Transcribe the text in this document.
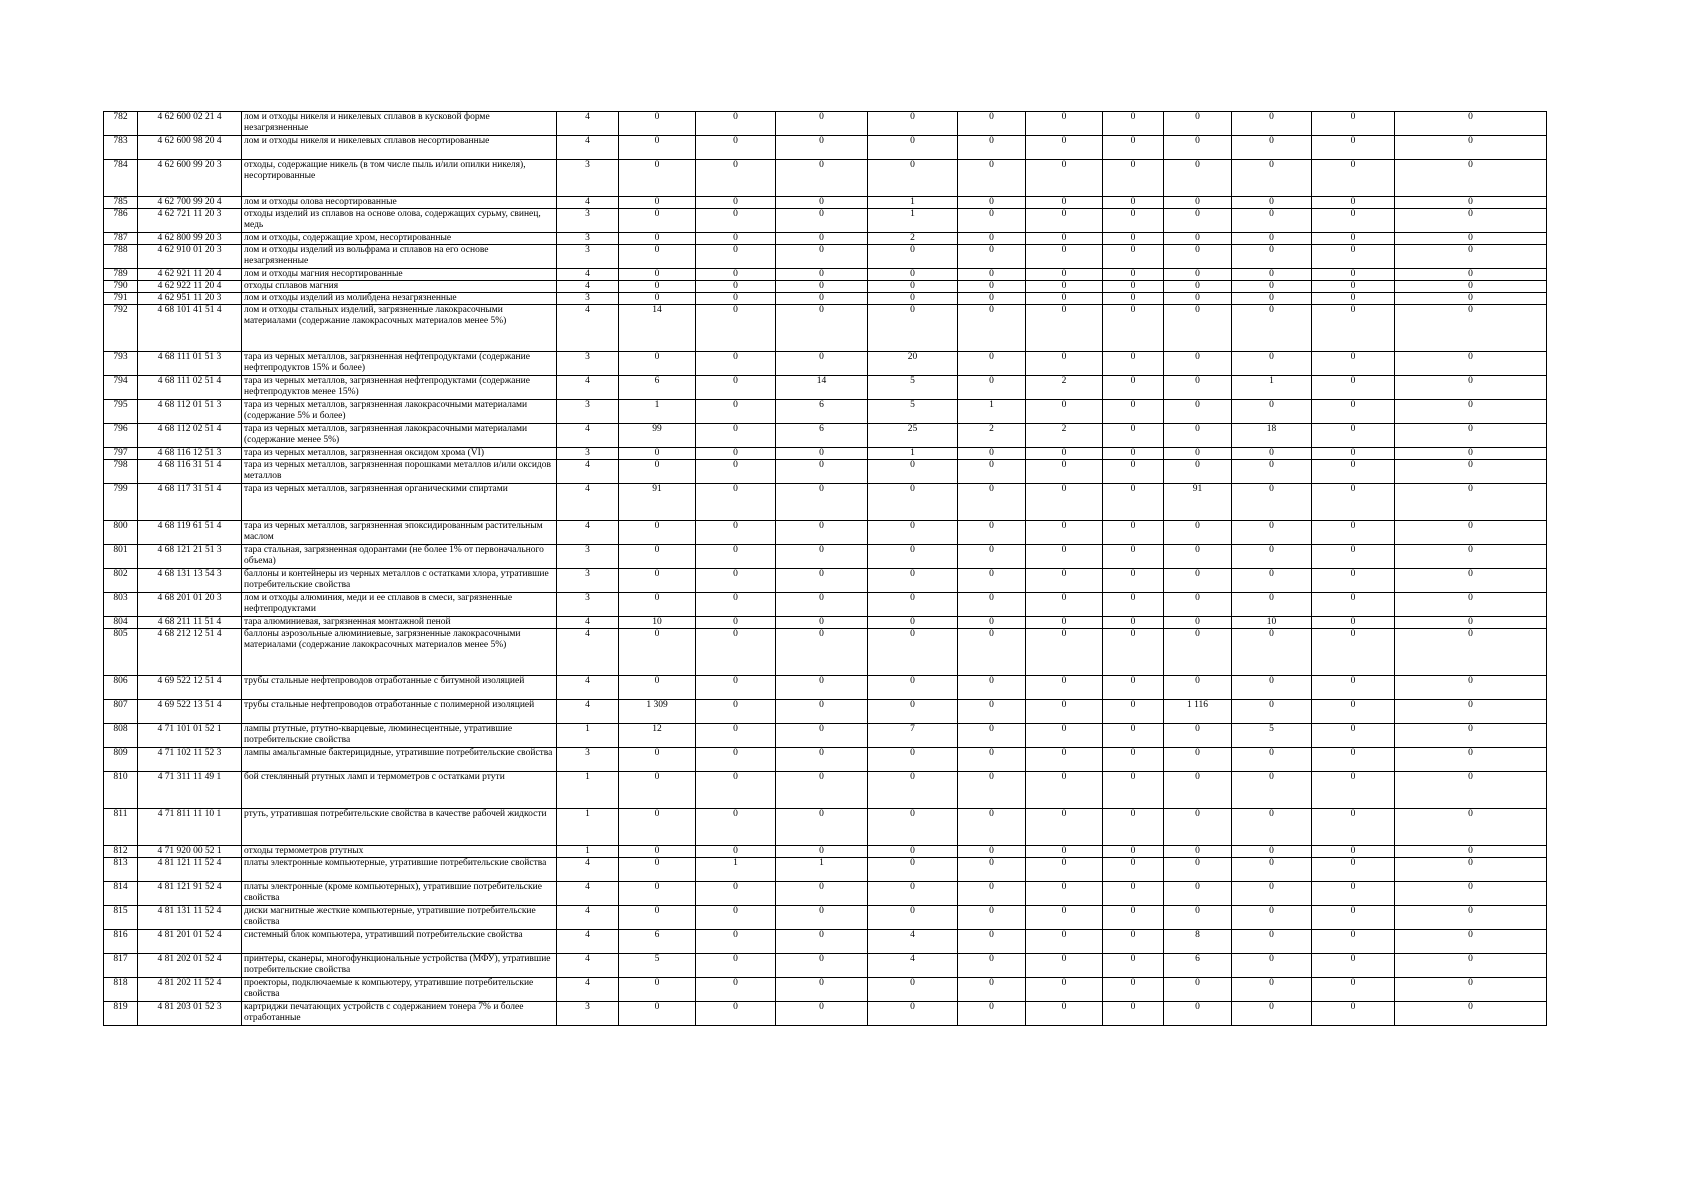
782	4 62 600 02 21 4	лом и отходы никеля и никелевых сплавов в кусковой форме незагрязненные	4	0	0	0	0	0	0	0	0	0	0	0	
783	4 62 600 98 20 4	лом и отходы никеля и никелевых сплавов несортированные	4	0	0	0	0	0	0	0	0	0	0	0	
784	4 62 600 99 20 3	отходы, содержащие никель (в том числе пыль и/или опилки никеля), несортированные	3	0	0	0	0	0	0	0	0	0	0	0	
785	4 62 700 99 20 4	лом и отходы олова несортированные	4	0	0	0	1	0	0	0	0	0	0	0	
786	4 62 721 11 20 3	отходы изделий из сплавов на основе олова, содержащих сурьму, свинец, медь	3	0	0	0	1	0	0	0	0	0	0	0	
787	4 62 800 99 20 3	лом и отходы, содержащие хром, несортированные	3	0	0	0	2	0	0	0	0	0	0	0	
788	4 62 910 01 20 3	лом и отходы изделий из вольфрама и сплавов на его основе незагрязненные	3	0	0	0	0	0	0	0	0	0	0	0	
789	4 62 921 11 20 4	лом и отходы магния несортированные	4	0	0	0	0	0	0	0	0	0	0	0	
790	4 62 922 11 20 4	отходы сплавов магния	4	0	0	0	0	0	0	0	0	0	0	0	
791	4 62 951 11 20 3	лом и отходы изделий из молибдена незагрязненные	3	0	0	0	0	0	0	0	0	0	0	0	
792	4 68 101 41 51 4	лом и отходы стальных изделий, загрязненные лакокрасочными материалами (содержание лакокрасочных материалов менее 5%)	4	14	0	0	0	0	0	0	0	0	0	0	
793	4 68 111 01 51 3	тара из черных металлов, загрязненная нефтепродуктами (содержание нефтепродуктов 15% и более)	3	0	0	0	20	0	0	0	0	0	0	0	
794	4 68 111 02 51 4	тара из черных металлов, загрязненная нефтепродуктами (содержание нефтепродуктов менее 15%)	4	6	0	14	5	0	2	0	0	1	0	0	
795	4 68 112 01 51 3	тара из черных металлов, загрязненная лакокрасочными материалами (содержание 5% и более)	3	1	0	6	5	1	0	0	0	0	0	0	
796	4 68 112 02 51 4	тара из черных металлов, загрязненная лакокрасочными материалами (содержание менее 5%)	4	99	0	6	25	2	2	0	0	18	0	0	
797	4 68 116 12 51 3	тара из черных металлов, загрязненная оксидом хрома (VI)	3	0	0	0	1	0	0	0	0	0	0	0	
798	4 68 116 31 51 4	тара из черных металлов, загрязненная порошками металлов и/или оксидов металлов	4	0	0	0	0	0	0	0	0	0	0	0	
799	4 68 117 31 51 4	тара из черных металлов, загрязненная органическими спиртами	4	91	0	0	0	0	0	0	91	0	0	0	
800	4 68 119 61 51 4	тара из черных металлов, загрязненная эпоксидированным растительным маслом	4	0	0	0	0	0	0	0	0	0	0	0	
801	4 68 121 21 51 3	тара стальная, загрязненная одорантами (не более 1% от первоначального объема)	3	0	0	0	0	0	0	0	0	0	0	0	
802	4 68 131 13 54 3	баллоны и контейнеры из черных металлов с остатками хлора, утратившие потребительские свойства	3	0	0	0	0	0	0	0	0	0	0	0	
803	4 68 201 01 20 3	лом и отходы алюминия, меди и ее сплавов в смеси, загрязненные нефтепродуктами	3	0	0	0	0	0	0	0	0	0	0	0	
804	4 68 211 11 51 4	тара алюминиевая, загрязненная монтажной пеной	4	10	0	0	0	0	0	0	0	10	0	0	
805	4 68 212 12 51 4	баллоны аэрозольные алюминиевые, загрязненные лакокрасочными материалами (содержание лакокрасочных материалов менее 5%)	4	0	0	0	0	0	0	0	0	0	0	0	
806	4 69 522 12 51 4	трубы стальные нефтепроводов отработанные с битумной изоляцией	4	0	0	0	0	0	0	0	0	0	0	0	
807	4 69 522 13 51 4	трубы стальные нефтепроводов отработанные с полимерной изоляцией	4	1 309	0	0	0	0	0	0	1 116	0	0	0	
808	4 71 101 01 52 1	лампы ртутные, ртутно-кварцевые, люминесцентные, утратившие потребительские свойства	1	12	0	0	7	0	0	0	0	5	0	0	
809	4 71 102 11 52 3	лампы амальгамные бактерицидные, утратившие потребительские свойства	3	0	0	0	0	0	0	0	0	0	0	0	
810	4 71 311 11 49 1	бой стеклянный ртутных ламп и термометров с остатками ртути	1	0	0	0	0	0	0	0	0	0	0	0	
811	4 71 811 11 10 1	ртуть, утратившая потребительские свойства в качестве рабочей жидкости	1	0	0	0	0	0	0	0	0	0	0	0	
812	4 71 920 00 52 1	отходы термометров ртутных	1	0	0	0	0	0	0	0	0	0	0	0	
813	4 81 121 11 52 4	платы электронные компьютерные, утратившие потребительские свойства	4	0	1	1	0	0	0	0	0	0	0	0	
814	4 81 121 91 52 4	платы электронные (кроме компьютерных), утратившие потребительские свойства	4	0	0	0	0	0	0	0	0	0	0	0	
815	4 81 131 11 52 4	диски магнитные жесткие компьютерные, утратившие потребительские свойства	4	0	0	0	0	0	0	0	0	0	0	0	
816	4 81 201 01 52 4	системный блок компьютера, утративший потребительские свойства	4	6	0	0	4	0	0	0	8	0	0	0	
817	4 81 202 01 52 4	принтеры, сканеры, многофункциональные устройства (МФУ), утратившие потребительские свойства	4	5	0	0	4	0	0	0	6	0	0	0	
818	4 81 202 11 52 4	проекторы, подключаемые к компьютеру, утратившие потребительские свойства	4	0	0	0	0	0	0	0	0	0	0	0	
819	4 81 203 01 52 3	картриджи печатающих устройств с содержанием тонера 7% и более отработанные	3	0	0	0	0	0	0	0	0	0	0	0	
